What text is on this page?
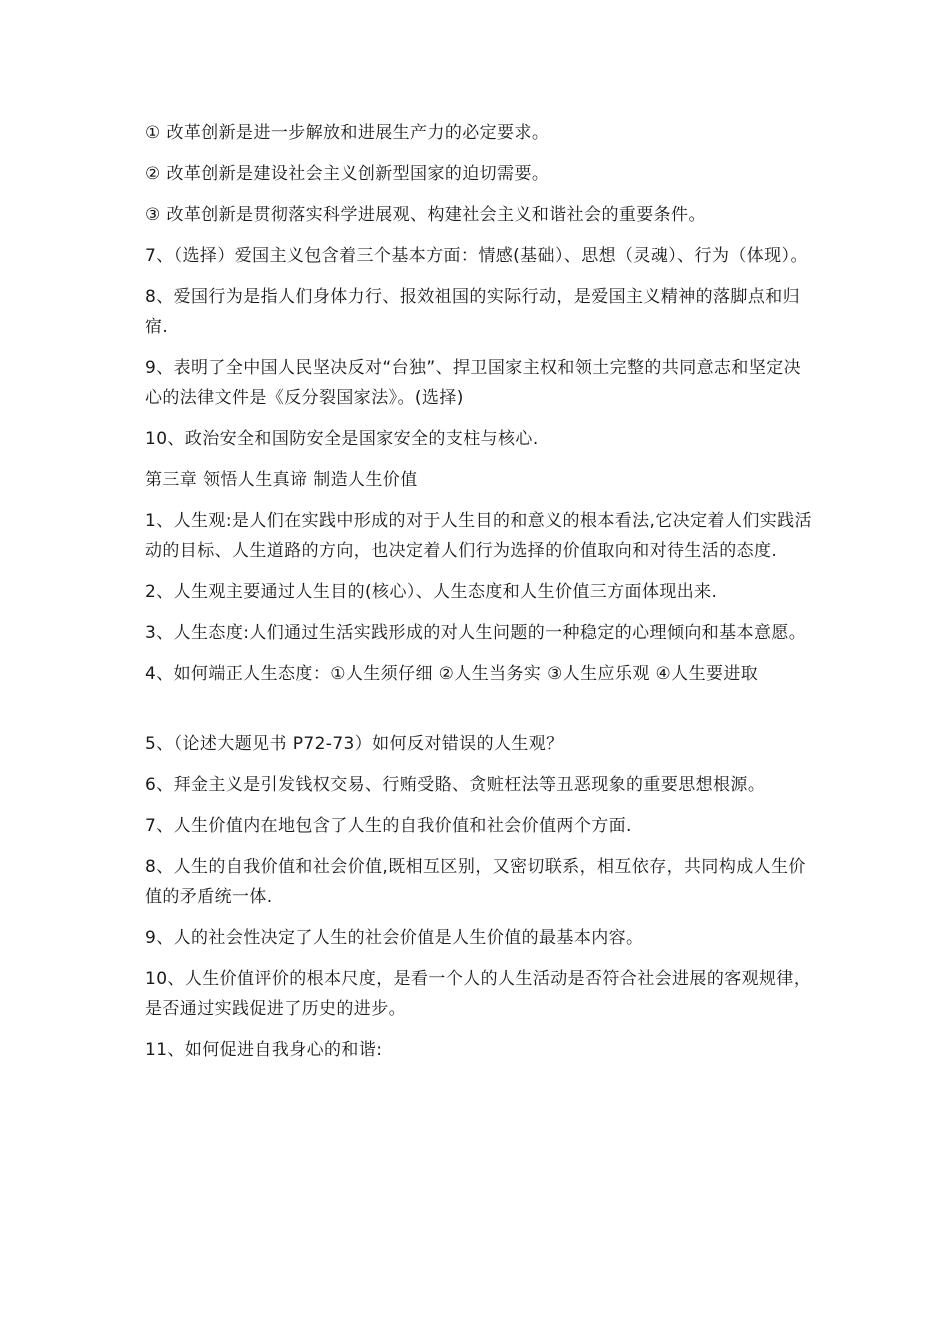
① 改革创新是进一步解放和进展生产力的必定要求。

② 改革创新是建设社会主义创新型国家的迫切需要。

③ 改革创新是贯彻落实科学进展观、构建社会主义和谐社会的重要条件。

7、（选择）爱国主义包含着三个基本方面：情感(基础）、思想（灵魂）、行为（体现）。

8、爱国行为是指人们身体力行、报效祖国的实际行动，是爱国主义精神的落脚点和归宿.

9、表明了全中国人民坚决反对“台独”、捍卫国家主权和领土完整的共同意志和坚定决心的法律文件是《反分裂国家法》。(选择)

10、政治安全和国防安全是国家安全的支柱与核心.

第三章 领悟人生真谛 制造人生价值

1、人生观:是人们在实践中形成的对于人生目的和意义的根本看法,它决定着人们实践活动的目标、人生道路的方向，也决定着人们行为选择的价值取向和对待生活的态度.

2、人生观主要通过人生目的(核心）、人生态度和人生价值三方面体现出来.

3、人生态度:人们通过生活实践形成的对人生问题的一种稳定的心理倾向和基本意愿。

4、如何端正人生态度：①人生须仔细 ②人生当务实 ③人生应乐观 ④人生要进取

5、（论述大题见书 P72-73）如何反对错误的人生观？

6、拜金主义是引发钱权交易、行贿受賂、贪赃枉法等丑恶现象的重要思想根源。

7、人生价值内在地包含了人生的自我价值和社会价值两个方面.

8、人生的自我价值和社会价值,既相互区别，又密切联系，相互依存，共同构成人生价值的矛盾统一体.

9、人的社会性决定了人生的社会价值是人生价值的最基本内容。

10、人生价值评价的根本尺度，是看一个人的人生活动是否符合社会进展的客观规律，是否通过实践促进了历史的进步。

11、如何促进自我身心的和谐:
